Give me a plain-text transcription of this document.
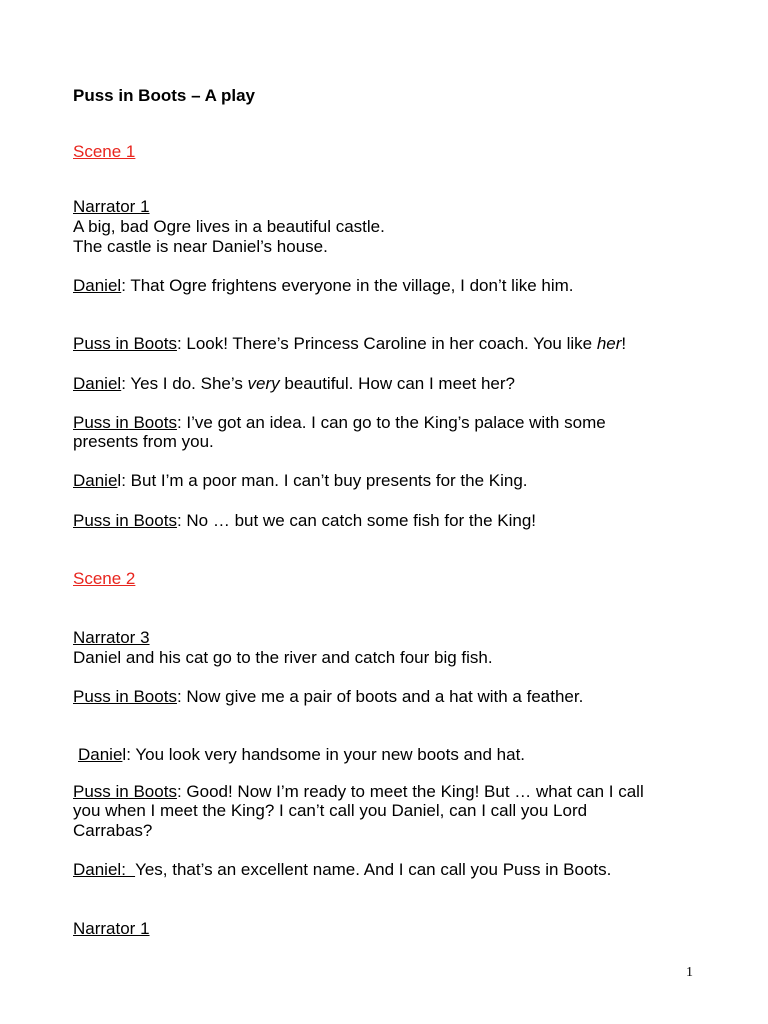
Puss in Boots – A play
Scene 1
Narrator 1
A big, bad Ogre lives in a beautiful castle.
The castle is near Daniel’s house.
Daniel: That Ogre frightens everyone in the village, I don’t like him.
Puss in Boots: Look! There’s Princess Caroline in her coach. You like her!
Daniel: Yes I do. She’s very beautiful. How can I meet her?
Puss in Boots: I’ve got an idea. I can go to the King’s palace with some
presents from you.
Daniel: But I’m a poor man. I can’t buy presents for the King.
Puss in Boots: No … but we can catch some fish for the King!
Scene 2
Narrator 3
Daniel and his cat go to the river and catch four big fish.
Puss in Boots: Now give me a pair of boots and a hat with a feather.
Daniel: You look very handsome in your new boots and hat.
Puss in Boots: Good! Now I’m ready to meet the King! But … what can I call
you when I meet the King? I can’t call you Daniel, can I call you Lord
Carrabas?
Daniel:  Yes, that’s an excellent name. And I can call you Puss in Boots.
Narrator 1
1
